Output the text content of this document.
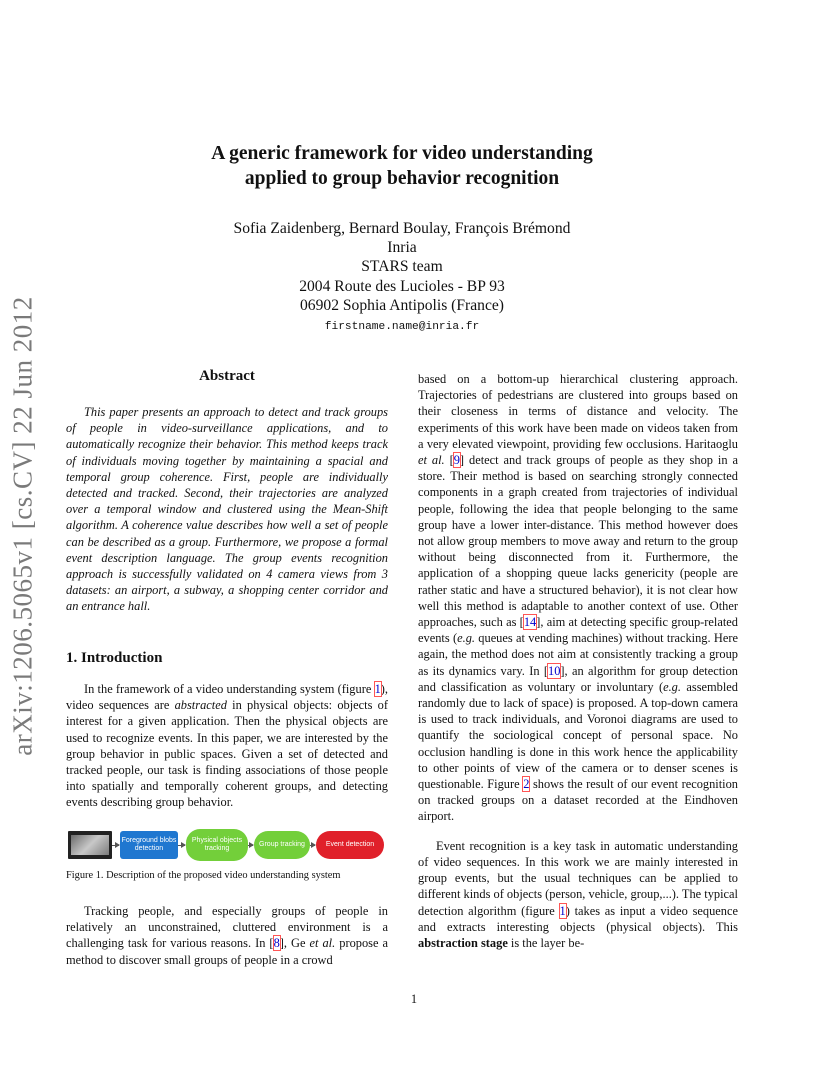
arXiv:1206.5065v1 [cs.CV] 22 Jun 2012
A generic framework for video understanding
applied to group behavior recognition
Sofia Zaidenberg, Bernard Boulay, François Brémond
Inria
STARS team
2004 Route des Lucioles - BP 93
06902 Sophia Antipolis (France)
firstname.name@inria.fr
Abstract

This paper presents an approach to detect and track groups of people in video-surveillance applications, and to automatically recognize their behavior. This method keeps track of individuals moving together by maintaining a spacial and temporal group coherence. First, people are individually detected and tracked. Second, their trajectories are analyzed over a temporal window and clustered using the Mean-Shift algorithm. A coherence value describes how well a set of people can be described as a group. Furthermore, we propose a formal event description language. The group events recognition approach is successfully validated on 4 camera views from 3 datasets: an airport, a subway, a shopping center corridor and an entrance hall.

1. Introduction

In the framework of a video understanding system (figure 1), video sequences are abstracted in physical objects: objects of interest for a given application. Then the physical objects are used to recognize events. In this paper, we are interested by the group behavior in public spaces. Given a set of detected and tracked people, our task is finding associations of those people into spatially and temporally coherent groups, and detecting events describing group behavior.

Foreground blobs detection
Physical objects tracking
Group tracking	Event detection
Figure 1. Description of the proposed video understanding system

Tracking people, and especially groups of people in relatively an unconstrained, cluttered environment is a challenging task for various reasons. In [8], Ge et al. propose a method to discover small groups of people in a crowd

based on a bottom-up hierarchical clustering approach. Trajectories of pedestrians are clustered into groups based on their closeness in terms of distance and velocity. The experiments of this work have been made on videos taken from a very elevated viewpoint, providing few occlusions. Haritaoglu et al. [9] detect and track groups of people as they shop in a store. Their method is based on searching strongly connected components in a graph created from trajectories of individual people, following the idea that people belonging to the same group have a lower inter-distance. This method however does not allow group members to move away and return to the group without being disconnected from it. Furthermore, the application of a shopping queue lacks genericity (people are rather static and have a structured behavior), it is not clear how well this method is adaptable to another context of use. Other approaches, such as [14], aim at detecting specific group-related events (e.g. queues at vending machines) without tracking. Here again, the method does not aim at consistently tracking a group as its dynamics vary. In [10], an algorithm for group detection and classification as voluntary or involuntary (e.g. assembled randomly due to lack of space) is proposed. A top-down camera is used to track individuals, and Voronoi diagrams are used to quantify the sociological concept of personal space. No occlusion handling is done in this work hence the applicability to other points of view of the camera or to denser scenes is questionable. Figure 2 shows the result of our event recognition on tracked groups on a dataset recorded at the Eindhoven airport.

Event recognition is a key task in automatic understanding of video sequences. In this work we are mainly interested in group events, but the usual techniques can be applied to different kinds of objects (person, vehicle, group,...). The typical detection algorithm (figure 1) takes as input a video sequence and extracts interesting objects (physical objects). This abstraction stage is the layer be-

1
